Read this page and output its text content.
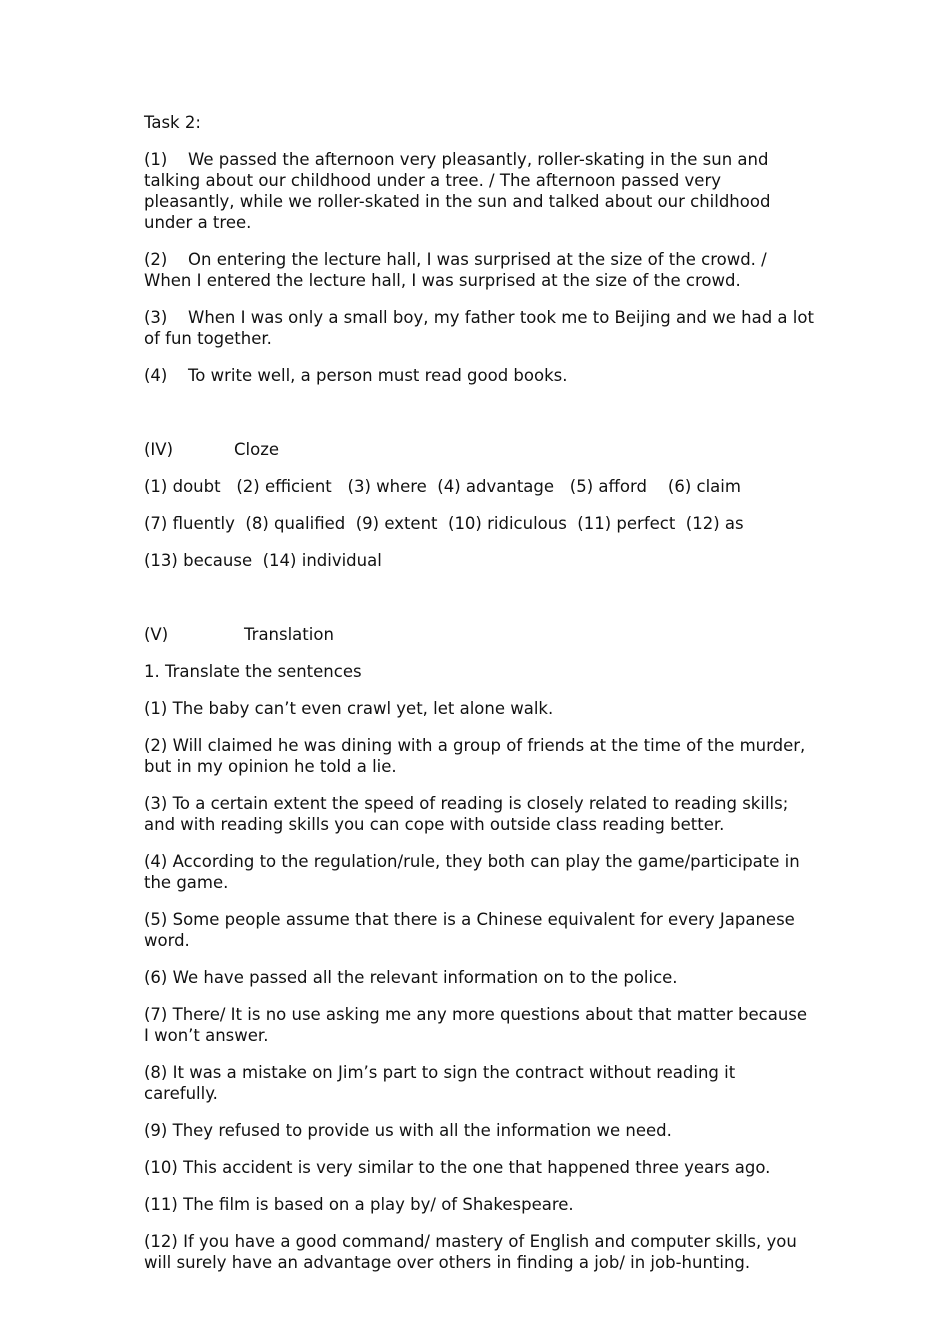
Task 2:

(1) We passed the afternoon very pleasantly, roller-skating in the sun and talking about our childhood under a tree. / The afternoon passed very pleasantly, while we roller-skated in the sun and talked about our childhood under a tree.

(2) On entering the lecture hall, I was surprised at the size of the crowd. / When I entered the lecture hall, I was surprised at the size of the crowd.

(3) When I was only a small boy, my father took me to Beijing and we had a lot of fun together.

(4) To write well, a person must read good books.

(IV)	Cloze

(1) doubt   (2) efficient   (3) where  (4) advantage   (5) afford    (6) claim

(7) fluently  (8) qualified  (9) extent  (10) ridiculous  (11) perfect  (12) as

(13) because  (14) individual

(V)	Translation

1. Translate the sentences

(1) The baby can’t even crawl yet, let alone walk.

(2) Will claimed he was dining with a group of friends at the time of the murder, but in my opinion he told a lie.

(3) To a certain extent the speed of reading is closely related to reading skills; and with reading skills you can cope with outside class reading better.

(4) According to the regulation/rule, they both can play the game/participate in the game.

(5) Some people assume that there is a Chinese equivalent for every Japanese word.

(6) We have passed all the relevant information on to the police.

(7) There/ It is no use asking me any more questions about that matter because I won’t answer.

(8) It was a mistake on Jim’s part to sign the contract without reading it carefully.

(9) They refused to provide us with all the information we need.

(10) This accident is very similar to the one that happened three years ago.

(11) The film is based on a play by/ of Shakespeare.

(12) If you have a good command/ mastery of English and computer skills, you will surely have an advantage over others in finding a job/ in job-hunting.
